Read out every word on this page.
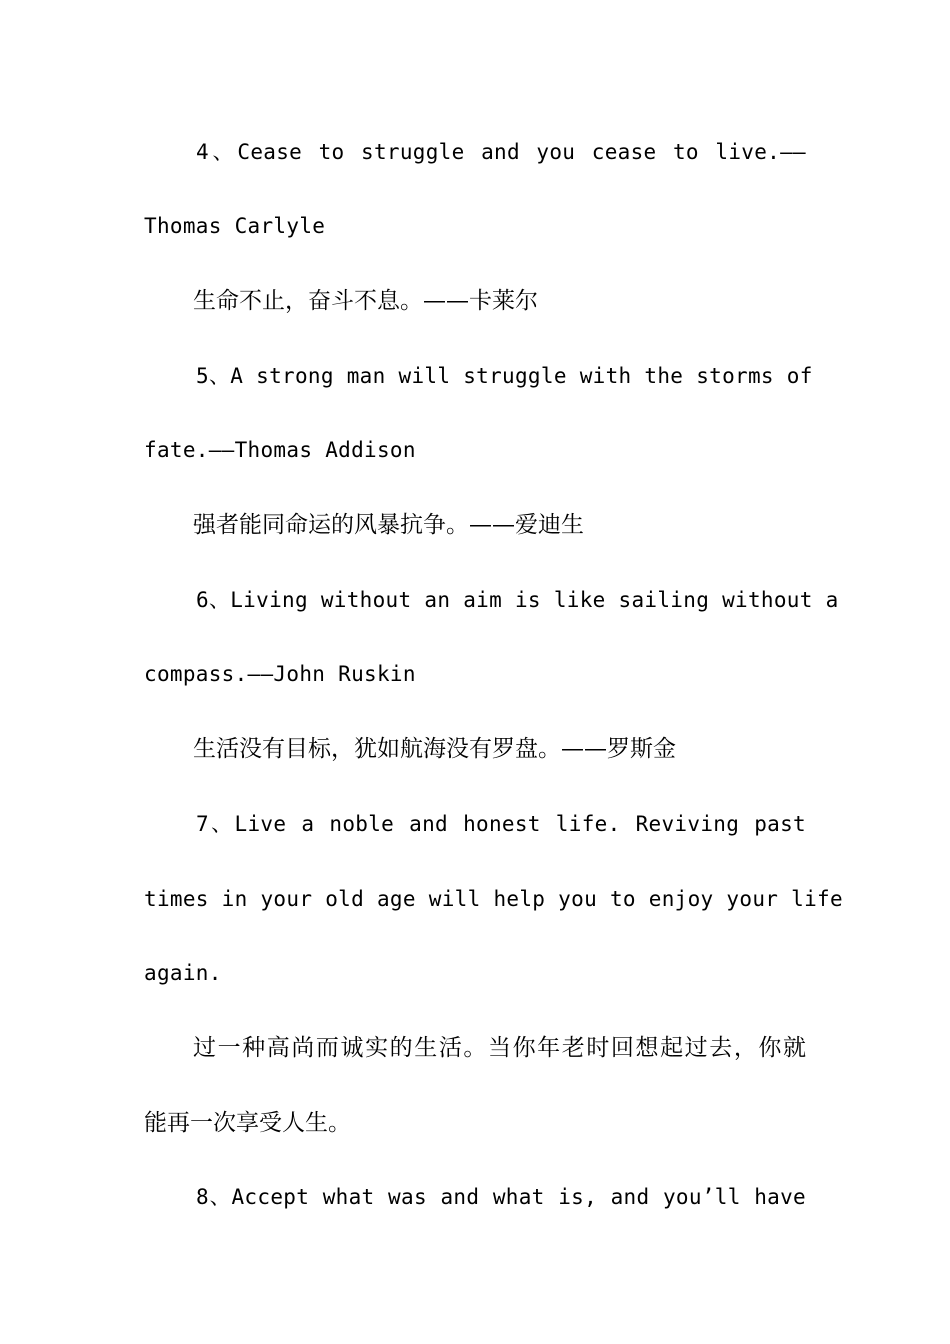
4、Cease to struggle and you cease to live.——

Thomas Carlyle

生命不止，奋斗不息。——卡莱尔

5、A strong man will struggle with the storms of

fate.——Thomas Addison

强者能同命运的风暴抗争。——爱迪生

6、Living without an aim is like sailing without a

compass.——John Ruskin

生活没有目标，犹如航海没有罗盘。——罗斯金

7、Live a noble and honest life. Reviving past

times in your old age will help you to enjoy your life

again.

过一种高尚而诚实的生活。当你年老时回想起过去，你就

能再一次享受人生。

8、Accept what was and what is, and you’ll have
